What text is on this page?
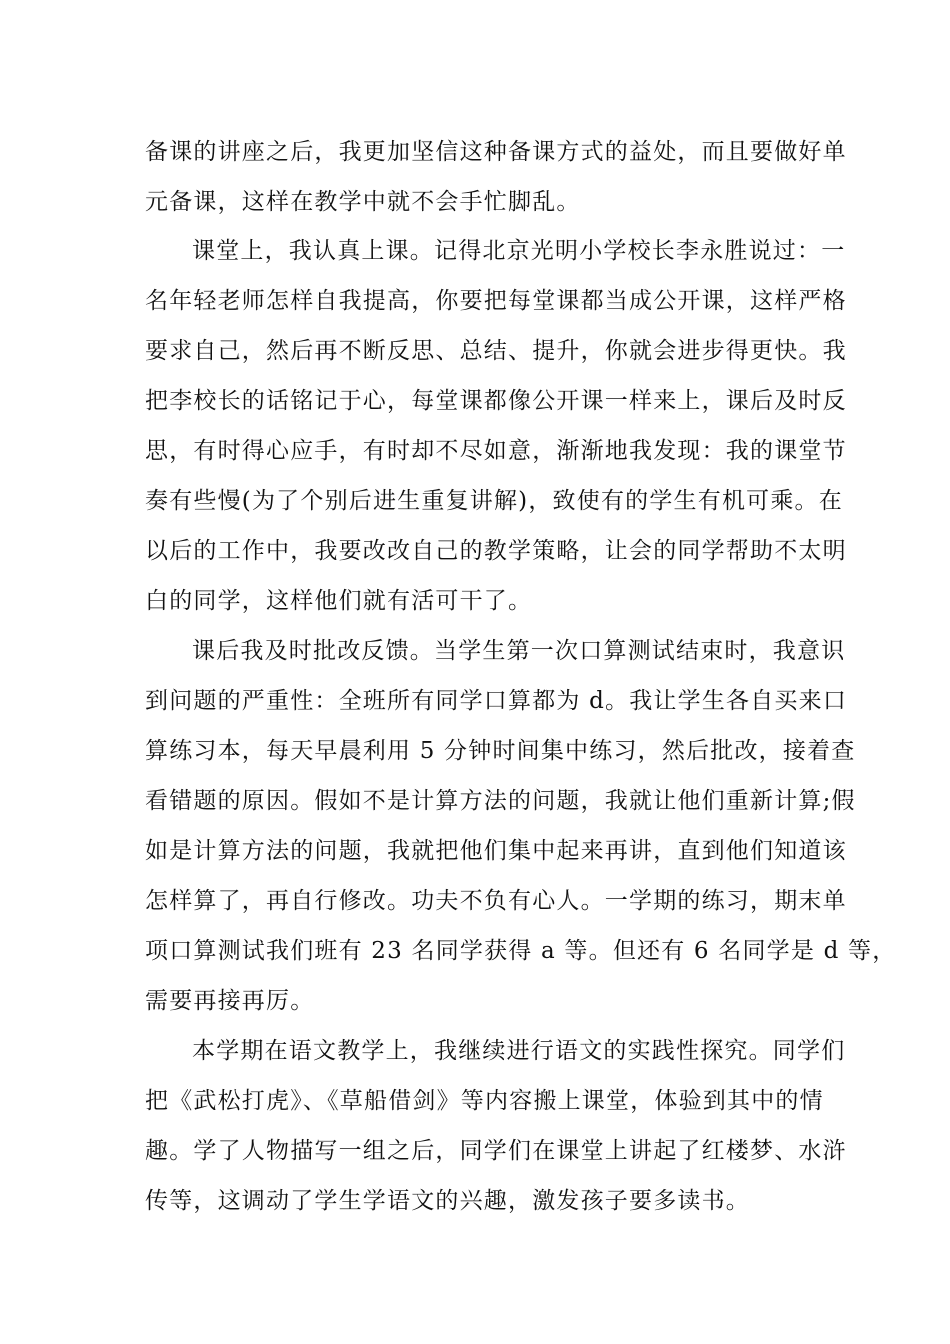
备课的讲座之后，我更加坚信这种备课方式的益处，而且要做好单
元备课，这样在教学中就不会手忙脚乱。
课堂上，我认真上课。记得北京光明小学校长李永胜说过：一
名年轻老师怎样自我提高，你要把每堂课都当成公开课，这样严格
要求自己，然后再不断反思、总结、提升，你就会进步得更快。我
把李校长的话铭记于心，每堂课都像公开课一样来上，课后及时反
思，有时得心应手，有时却不尽如意，渐渐地我发现：我的课堂节
奏有些慢(为了个别后进生重复讲解)，致使有的学生有机可乘。在
以后的工作中，我要改改自己的教学策略，让会的同学帮助不太明
白的同学，这样他们就有活可干了。
课后我及时批改反馈。当学生第一次口算测试结束时，我意识
到问题的严重性：全班所有同学口算都为 d。我让学生各自买来口
算练习本，每天早晨利用 5 分钟时间集中练习，然后批改，接着查
看错题的原因。假如不是计算方法的问题，我就让他们重新计算;假
如是计算方法的问题，我就把他们集中起来再讲，直到他们知道该
怎样算了，再自行修改。功夫不负有心人。一学期的练习，期末单
项口算测试我们班有 23 名同学获得 a 等。但还有 6 名同学是 d 等，
需要再接再厉。
本学期在语文教学上，我继续进行语文的实践性探究。同学们
把《武松打虎》、《草船借剑》等内容搬上课堂，体验到其中的情
趣。学了人物描写一组之后，同学们在课堂上讲起了红楼梦、水浒
传等，这调动了学生学语文的兴趣，激发孩子要多读书。
